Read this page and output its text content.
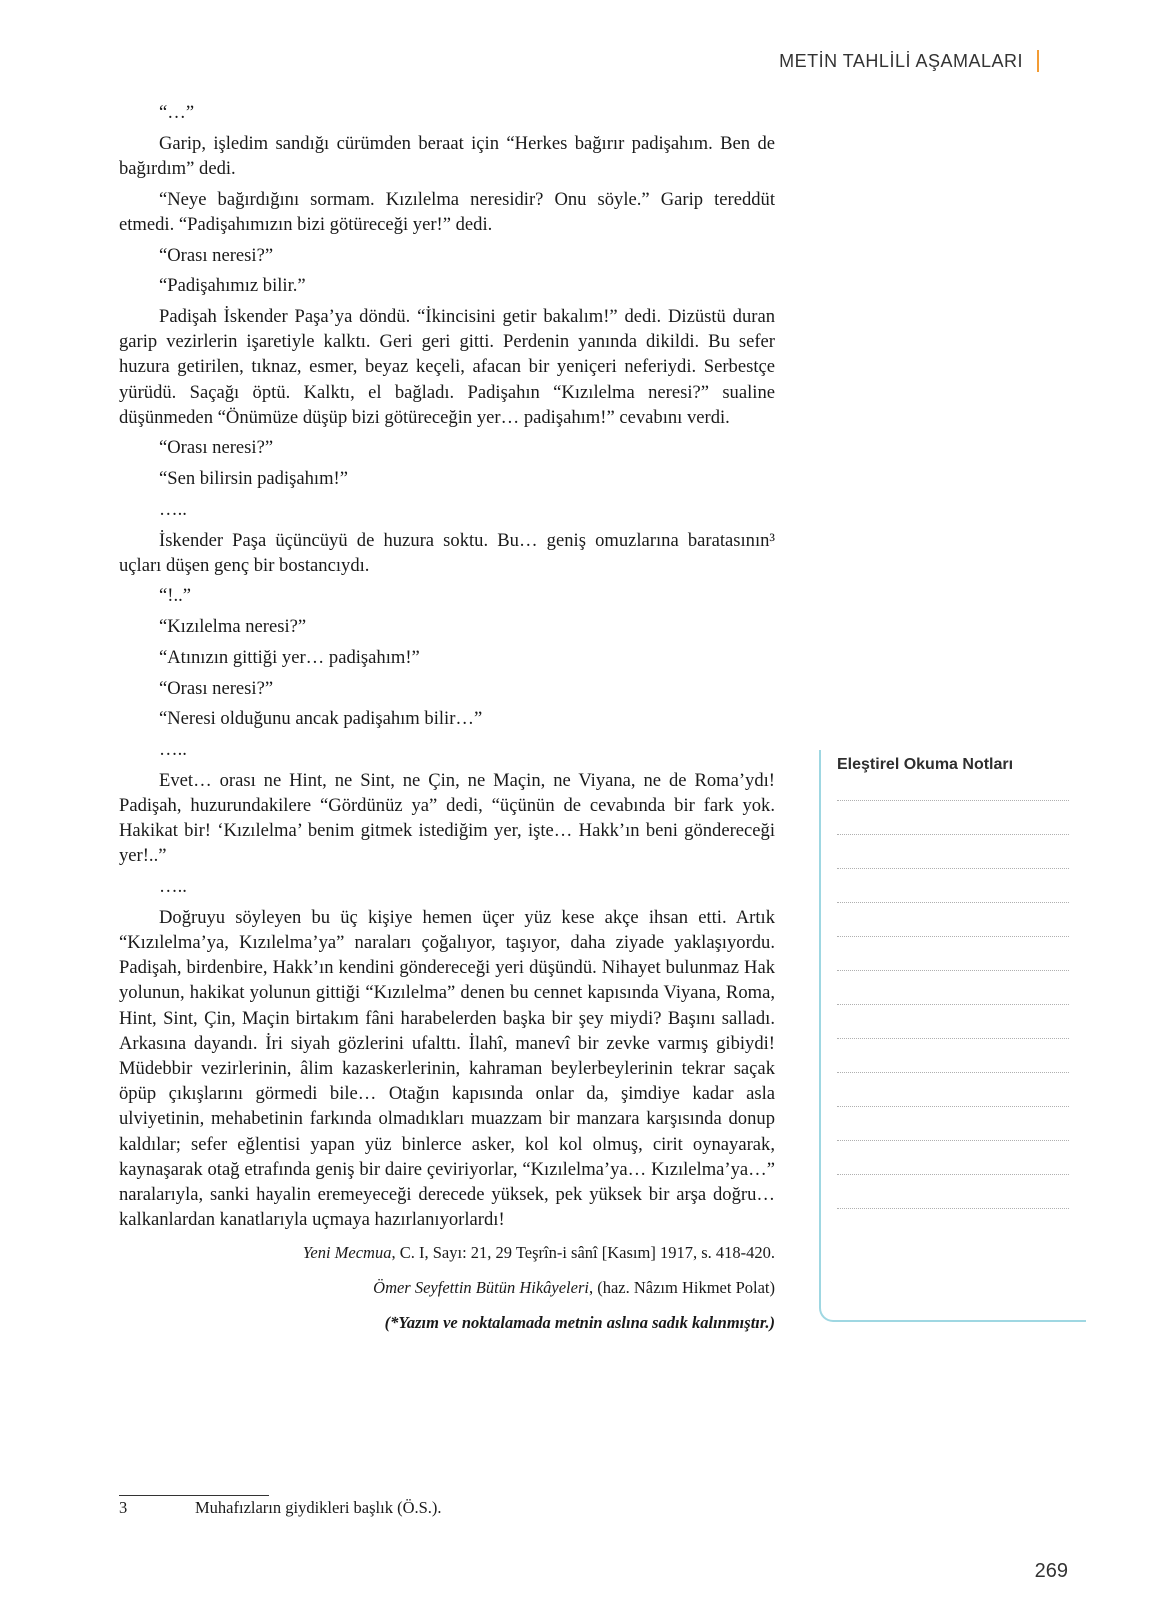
METİN TAHLİLİ AŞAMALARI

“…”

Garip, işledim sandığı cürümden beraat için “Herkes bağırır padişahım. Ben de bağırdım” dedi.

“Neye bağırdığını sormam. Kızılelma neresidir? Onu söyle.” Garip tereddüt etmedi. “Padişahımızın bizi götüreceği yer!” dedi.

“Orası neresi?”

“Padişahımız bilir.”

Padişah İskender Paşa’ya döndü. “İkincisini getir bakalım!” dedi. Dizüstü duran garip vezirlerin işaretiyle kalktı. Geri geri gitti. Perdenin yanında dikildi. Bu sefer huzura getirilen, tıknaz, esmer, beyaz keçeli, afacan bir yeniçeri neferiydi. Serbestçe yürüdü. Saçağı öptü. Kalktı, el bağladı. Padişahın “Kızılelma neresi?” sualine düşünmeden “Önümüze düşüp bizi götüreceğin yer… padişahım!” cevabını verdi.

“Orası neresi?”

“Sen bilirsin padişahım!”

…..

İskender Paşa üçüncüyü de huzura soktu. Bu… geniş omuzlarına baratasının³ uçları düşen genç bir bostancıydı.

“!..”

“Kızılelma neresi?”

“Atınızın gittiği yer… padişahım!”

“Orası neresi?”

“Neresi olduğunu ancak padişahım bilir…”

…..

Evet… orası ne Hint, ne Sint, ne Çin, ne Maçin, ne Viyana, ne de Roma’ydı! Padişah, huzurundakilere “Gördünüz ya” dedi, “üçünün de cevabında bir fark yok. Hakikat bir! ‘Kızılelma’ benim gitmek istediğim yer, işte… Hakk’ın beni göndereceği yer!..”

…..

Doğruyu söyleyen bu üç kişiye hemen üçer yüz kese akçe ihsan etti. Artık “Kızılelma’ya, Kızılelma’ya” naraları çoğalıyor, taşıyor, daha ziyade yaklaşıyordu. Padişah, birdenbire, Hakk’ın kendini göndereceği yeri düşündü. Nihayet bulunmaz Hak yolunun, hakikat yolunun gittiği “Kızılelma” denen bu cennet kapısında Viyana, Roma, Hint, Sint, Çin, Maçin birtakım fâni harabelerden başka bir şey miydi? Başını salladı. Arkasına dayandı. İri siyah gözlerini ufalttı. İlahî, manevî bir zevke varmış gibiydi! Müdebbir vezirlerinin, âlim kazaskerlerinin, kahraman beylerbeylerinin tekrar saçak öpüp çıkışlarını görmedi bile… Otağın kapısında onlar da, şimdiye kadar asla ulviyetinin, mehabetinin farkında olmadıkları muazzam bir manzara karşısında donup kaldılar; sefer eğlentisi yapan yüz binlerce asker, kol kol olmuş, cirit oynayarak, kaynaşarak otağ etrafında geniş bir daire çeviriyorlar, “Kızılelma’ya… Kızılelma’ya…” naralarıyla, sanki hayalin eremeyeceği derecede yüksek, pek yüksek bir arşa doğru… kalkanlardan kanatlarıyla uçmaya hazırlanıyorlardı!

Yeni Mecmua, C. I, Sayı: 21, 29 Teşrîn-i sânî [Kasım] 1917, s. 418-420.
Ömer Seyfettin Bütün Hikâyeleri, (haz. Nâzım Hikmet Polat)
(*Yazım ve noktalamada metnin aslına sadık kalınmıştır.)
3	Muhafızların giydikleri başlık (Ö.S.).
Eleştirel Okuma Notları
269
